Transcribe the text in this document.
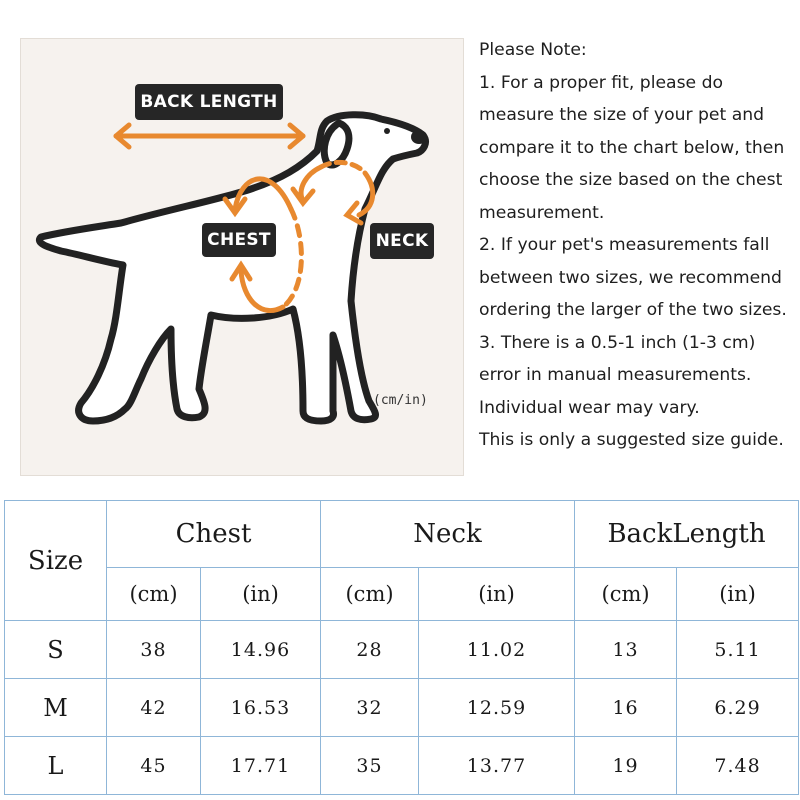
BACK LENGTH
CHEST	NECK
(cm/in)
Please Note:
1. For a proper fit, please do
measure the size of your pet and
compare it to the chart below, then
choose the size based on the chest
measurement.
2. If your pet's measurements fall
between two sizes, we recommend
ordering the larger of the two sizes.
3. There is a 0.5-1 inch (1-3 cm)
error in manual measurements.
Individual wear may vary.
This is only a suggested size guide.
Size	Chest		Neck		BackLength	
	(cm)	(in)	(cm)	(in)	(cm)	(in)
S	38	14.96	28	11.02	13	5.11
M	42	16.53	32	12.59	16	6.29
L	45	17.71	35	13.77	19	7.48
